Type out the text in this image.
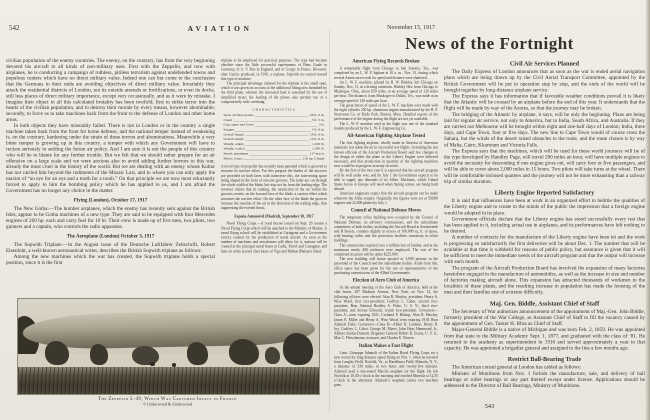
542	AVIATION	November 15, 1917
News of the Fortnight

civilian population of the enemy countries. The enemy, on the contrary, has from the very beginning devoted his aircraft to all kinds of non-military uses. First with the Zeppelin, and now with airplanes, he is conducting a campaign of ruthless, pitiless terrorism against undefended towns and populous centers which have no direct military value. Indeed one can but come to the conclusion that the Germans in their raids are avoiding objectives of direct military value. Invariably they attack the residential districts of London, not its outside arsenals or fortifications, or even its docks, still less places of direct military importance, except very occasionally, and as it were by mistake. I imagine their object in all this calculated brutality has been twofold; first to strike terror into the hearts of the civilian population, and to destroy their morale by every means, however abominable; secondly, to force us to take machines back from the front to the defense of London and other home areas.

In both objects they have miserably failed. There is not in London or in the country a single machine taken back from the front for home defense, and the national temper instead of weakening is, on the contrary, hardening under the strain of these terrors and abominations. Meanwhile a very bitter temper is growing up in this country, a temper with which any Government will have to reckon seriously in settling the future air policy. And I am sure it is not the people of this country who will be to blame for any further trouble. But we felt that we should rather prepare for an air offensive on a large scale and we were anxious also to avoid adding further horrors to this war, already the most cruel in the history of the world. But we are dealing with an enemy whose Kultur has not carried him beyond the rudiments of the Mosaic Law, and to whom you can only apply the maxim of “an eye for an eye and a tooth for a tooth.” On that principle we are now most reluctantly forced to apply to him the bombing policy which he has applied to us, and I am afraid the Government has no longer any choice in the matter.

Flying (London), October 17, 1917

The New Gotha.—The bomber airplanes, which the enemy has recently sent against the British Isles, appear to be Gotha machines of a new type. They are said to be equipped with four Mercedes engines of 260 hp. each and carry fuel for 10 hr. Their crew is made up of five men, two pilots, two gunners and a captain, who controls the radio apparatus.

The Aeroplane (London) October 3, 1917

The Sopwith Triplane.—In the August issue of the Deutsche Luftfahrer Zeitschrift, Robert Eisenlohr, a well-known aeronautical writer, describes the British Sopwith triplane as follows:

Among the new machines which the war has created, the Sopwith triplane holds a special position, since it is the first

triplane to be employed for practical purposes. The type had become obsolete since the little successful experiments of Hans Grade in Germany, of A. V. Roe in England, and of Goupy in France. However, after Curtiss produced, in 1916, a triplane, Sopwith too turned toward this type of machine.

The principal advantage claimed for the triplane is the small span, which it was given on account of the additional lifting area furnished by the third plane, whereas the increased load is sustained by the use of simplified struts; the loading of the planes also permits use of a comparatively wide overhang.

CHARACTERISTICS
Span, all three planes	26 ft. 6 in.
Chord	3 ft. 3 in.
Gap, upper and lower	3 ft.
Stagger	1 ft. 6 in.
Overall length	19 ft. 6 in.
Overall height	10 ft. 6 in.
Weight, empty	1,100 lb.
Weight, loaded	1,540 lb.
Speed, maximum	117 m.p.h.
Motor, rotary	130 hp. Clerget

A novel type of propeller has recently been patented which is grooved to increase its tractive effort. For this purpose the blades of the airscrew are provided on both faces with transverse ribs, the intervening space being shaped in the form of concave grooves. The latter are cut through the whole width of the blade, but stop not far from the leading edge. The inventor claims that in rotating, the rarefaction of the air within the grooves creates, on the forward face of the blade, a suction effect which increases the tractive effort. On the other face of the blade the grooves increase the reaction of the air in the direction of the trailing edge, thus augmenting the exerted thrust.

España Automóvil (Madrid), September 30, 1917

Naval Flying Corps.—A royal decree issued on Sept. 20 creates a Naval Flying Corps which will be attached to the Ministry of Marine. A naval flying school will be established at Cartagena and a Government factory created for the production of naval aircraft. As soon as the number of machines and aerodromes will allow for it, stations will be created at the principal naval bases at Cadiz, Ferrol and Cartagena, and later on at the second class bases of Vigo and Mahon (Balearic Isles).

American Flying Records Broken

A remarkable flight from Chicago to San Antonio, Tex., was completed by an L. W. F. biplane at 10 a. m., Nov. 13, during which several American records for speed and distance were shattered.

An L. W. F. machine, piloted by H. W. Blakley, left Chicago on Sunday, Nov. 11, in a driving rainstorm. Blakley flew from Chicago to Muskogee, Okla., about 650 miles, at an average speed of 120 miles per hour. The distance, from Muskogee to Dallas, Tex., was made at an average speed of 130 miles per hour.

The great bursts of speed of the L. W. F. machine were made with the eight cylinder 250 hp. aluminum engine manufactured by the B. F. Sturtevant Co. of Hyde Park, Boston, Mass. Detailed reports of the performance of the engine during the flight are not yet available.

The L. W. F. machine used in the flight was one of the standard models produced by the L. W. F. Engineering Co.

All-American Fighting Airplane Tested

The first fighting airplane, wholly made in America of American materials, has taken the air in successful test flights. In making the test known officials of the Aircraft Production Board said few changes in the design of either the plane or the Liberty Engine were believed necessary, and that production in quantity of the fighting machines now would be in progress in many factories.

By the first of the new year it is expected that the aircraft program will be well under way, and by July 1 the Government expects to be able to supply any demands of its Allies. Machines, which United States forces in Europe will need when Spring comes, are being built abroad.

American engineers expect that the aircraft program can be made whatever the Allies require. Originally, the figures were set at 50,000 engines and 22,000 planes by July 1.

Council of National Defense Moves

The temporary office building now occupied by the Council of National Defense, its advisory commissions, and the subordinate committees of both bodies, including the Aircraft Board at Seventeenth and B Streets, contains slightly in excess of 100,000 sq. ft. of space, with heating, toilet, and fire protection facilities customary in office buildings.

The construction required over a million feet of lumber, and at the maximum nearly 400 workmen were employed. The cost of the completed structure will be under $225,000.

The new building will house upward of 3,000 persons in the personnel of the Council and the subordinate bodies. Aside from this, office space has been given for the use of representatives of the purchasing commissions of the Allied Governments.

Election of Aero Club of America

At the annual meeting of the Aero Club of America, held at the club house, 297 Madison Avenue, New York, on Nov. 12, the following officers were elected: Alan R. Hawley, president; Henry A. Wise Wood, first vice-president; Godfrey L. Cabot, second vice-president; Rear Admiral Bradley A. Fiske, U. S. N., third vice-president, and Jerome Edwards, fourth vice-president. Governors—Class A—term expiring 1921, Cortland F. Bishop, Alan R. Hawley, James E. Miller and Henry A. Wise Wood; term expiring 1918, Rear Admiral Fiske; Governors—Class B—Albert B. Lambert, Henry B. Joy, Godfrey L. Cabot, George M. Myers, John Hays Hammond, Jr., Alberto Santos-Dumont, Brigadier General Robert K. Evans, U. S. A., Max C. Fleischmann, treasurer, and Charles E. Warren.

Italian Makes a Fast Flight

Lieut. Giuseppe Adamoli of the Italian Royal Flying Corps set a new record for long distance speed flying on Nov. 1, when he traveled from Langley Field, Norfolk, Va., to Hazelhurst Field, Mineola, N. Y., a distance of 330 miles, in two hours and twenty-five minutes. Adamoli used a one-seated Macchi seaplane for the flight. He left Norfolk at 10.30 o’clock in the morning and reached Mineola at 12.55 o’clock in the afternoon. Adamoli’s seaplane carries two machine guns.

Civil Air Services Planned

The Daily Express of London announces that as soon as the war is ended aerial navigation plans which are being drawn up by the Civil Aerial Transport Committee, appointed by the British Government will be put in operation step by step, and the ends of the world will be brought together by long-distance airplane service.

The Express says it has information that if favorable weather conditions prevail it is likely that the Atlantic will be crossed by an airplane before the end of this year. It understands that the flight will be made by way of the Azores, so that the journey may be broken.

The bridging of the Atlantic by airplane, it says, will be only the beginning. Plans are being laid for regular air service, not only to America, but to India, South Africa, and Australia. If they are carried out Melbourne will be brought within eight and one-half days of London; India, three days, and Cape Town, four or five days. The new line to Cape Town would of course cross the Sahara, but the winds of the desert raised obstacles to the route, and the route chosen is by way of Malta, Cairo, Khartoum and Victoria Falls.

The Express says that the machines, which will be used for these world journeys will be of the type developed by Handley Page, will travel 200 miles an hour, will have multiple engines to avoid the necessity for descending if one engine gives out, will carry four or five passengers, and will be able to cover about 2,000 miles in 15 hours. Two pilots will take turns at the wheel. There will be comfortable inclosed quarters and the journey will not be more exhausting than a railway trip of similar duration.

Liberty Engine Reported Satisfactory

It is said that influences have been at work in an organized effort to belittle the qualities of the Liberty engine and to create in the minds of the public the impression that a foreign engine would be adopted in its place.

Government officials declare that the Liberty engine has stood successfully every test that has been applied to it, including actual use in airplanes, and its performances have left nothing to be desired.

A number of contracts for the manufacture of the Liberty engine have been let and the work is progressing so satisfactorily the first deliveries will be about Dec. 1. The number that will be available at that time is withheld for reasons of public policy, but assurance is given that it will be sufficient to meet the immediate needs of the aircraft program and that the output will increase with each month.

The program of the Aircraft Production Board has involved the expansion of many factories heretofore engaged in the manufacture of automobiles, as well as the increase in size and number of factories making aircraft alone. This expansion has attracted thousands of workmen to the localities of these plants, and the resulting increase in population has made the housing of the men and their families one of extreme difficulty.

Maj. Gen. Biddle, Assistant Chief of Staff

The Secretary of War authorizes announcement of the appointment of Maj.-Gen. John Biddle, formerly president of the War College, as Assistant Chief of Staff to fill the vacancy caused by the appointment of Gen. Tasker H. Bliss as Chief of Staff.

Major-General Biddle is a native of Michigan and was born Feb. 2, 1859. He was appointed from that state to the Military Academy Sept. 1, 1877, and graduated with the class of ’81. He returned to the academy as superintendent in 1916 and served approximately a year in that capacity. He was appointed a brigadier general and assigned to the line a few months ago.

Restrict Ball-Bearing Trade

The American consul general at London has cabled as follows:

Minister of Munitions from Nov. 1 forbids the manufacture, sale, and delivery of ball bearings or roller bearings or any part thereof except under license. Applications should be addressed to the Director of Ball Bearings, Ministry of Munitions.

The Zeppelin L-49, Which Was Captured Intact in France
© Underwood & Underwood	543
